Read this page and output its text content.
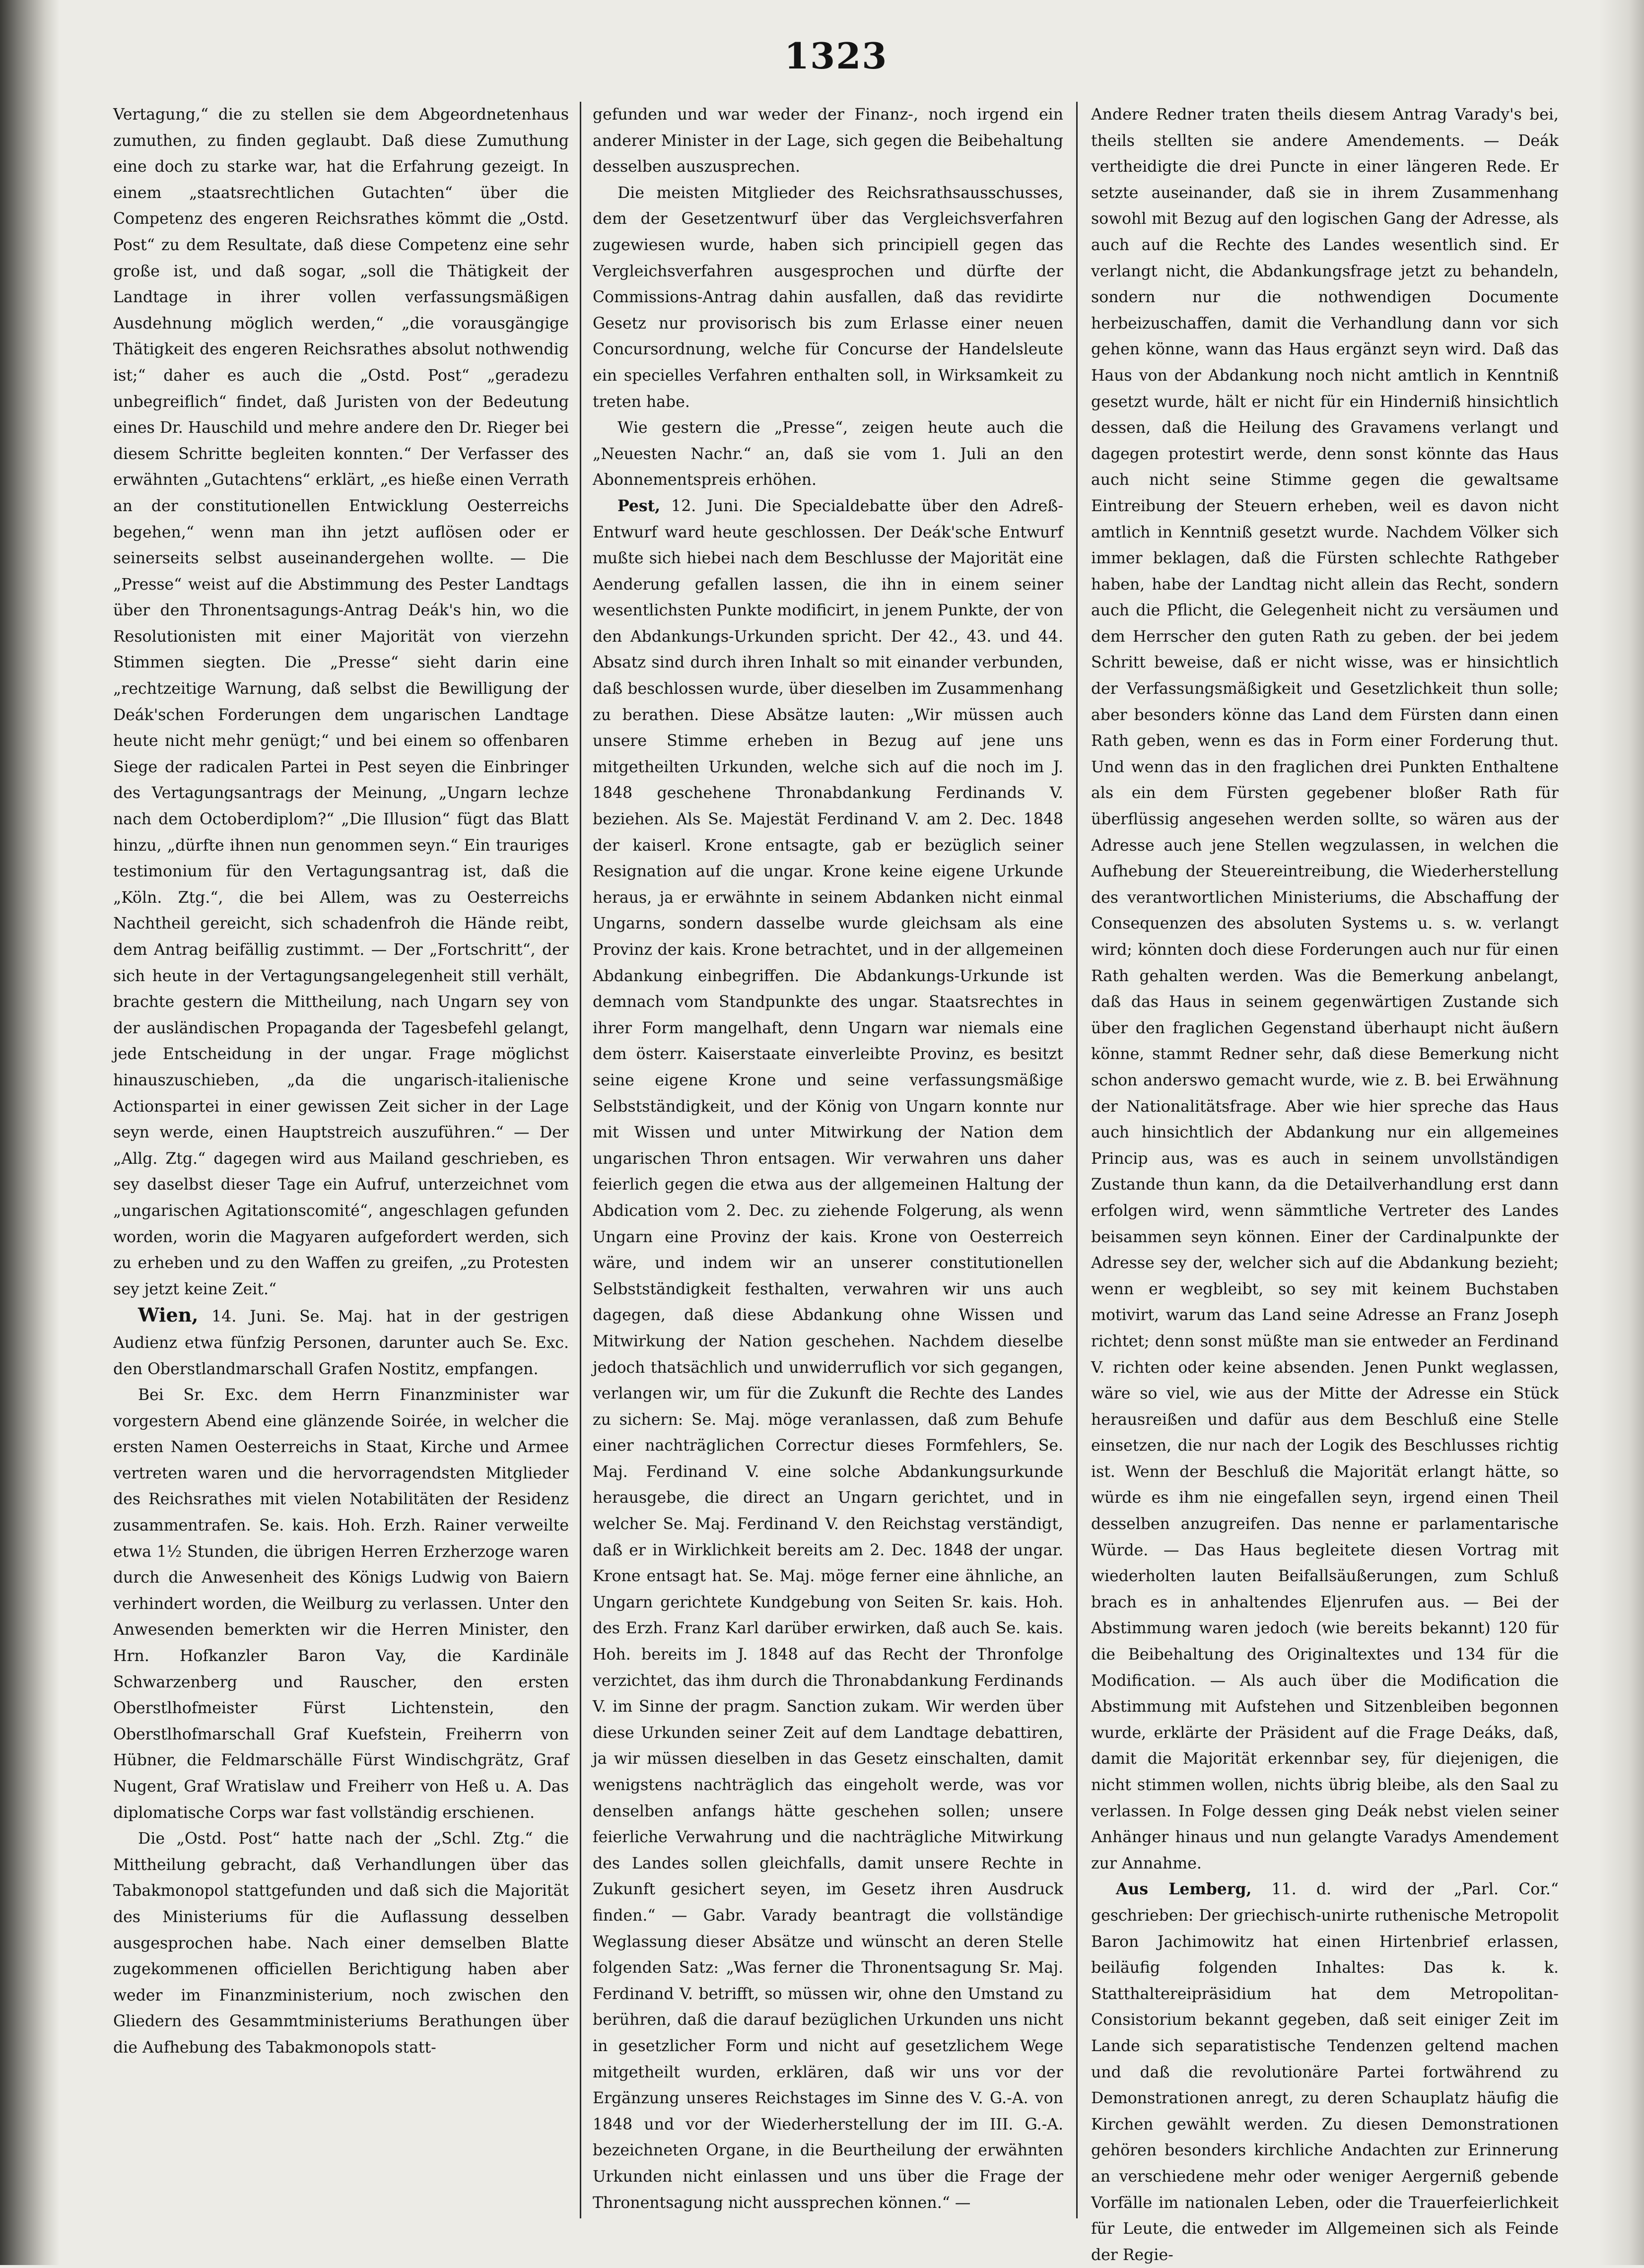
1323

Vertagung,“ die zu stellen sie dem Abgeordnetenhaus zumuthen, zu finden geglaubt. Daß diese Zumuthung eine doch zu starke war, hat die Erfahrung gezeigt. In einem „staatsrechtlichen Gutachten“ über die Competenz des engeren Reichsrathes kömmt die „Ostd. Post“ zu dem Resultate, daß diese Competenz eine sehr große ist, und daß sogar, „soll die Thätigkeit der Landtage in ihrer vollen verfassungsmäßigen Ausdehnung möglich werden,“ „die vorausgängige Thätigkeit des engeren Reichsrathes absolut nothwendig ist;“ daher es auch die „Ostd. Post“ „geradezu unbegreiflich“ findet, daß Juristen von der Bedeutung eines Dr. Hauschild und mehre andere den Dr. Rieger bei diesem Schritte begleiten konnten.“ Der Verfasser des erwähnten „Gutachtens“ erklärt, „es hieße einen Verrath an der constitutionellen Entwicklung Oesterreichs begehen,“ wenn man ihn jetzt auflösen oder er seinerseits selbst auseinandergehen wollte. — Die „Presse“ weist auf die Abstimmung des Pester Landtags über den Thronentsagungs-Antrag Deák's hin, wo die Resolutionisten mit einer Majorität von vierzehn Stimmen siegten. Die „Presse“ sieht darin eine „rechtzeitige Warnung, daß selbst die Bewilligung der Deák'schen Forderungen dem ungarischen Landtage heute nicht mehr genügt;“ und bei einem so offenbaren Siege der radicalen Partei in Pest seyen die Einbringer des Vertagungsantrags der Meinung, „Ungarn lechze nach dem Octoberdiplom?“ „Die Illusion“ fügt das Blatt hinzu, „dürfte ihnen nun genommen seyn.“ Ein trauriges testimonium für den Vertagungsantrag ist, daß die „Köln. Ztg.“, die bei Allem, was zu Oesterreichs Nachtheil gereicht, sich schadenfroh die Hände reibt, dem Antrag beifällig zustimmt. — Der „Fortschritt“, der sich heute in der Vertagungsangelegenheit still verhält, brachte gestern die Mittheilung, nach Ungarn sey von der ausländischen Propaganda der Tagesbefehl gelangt, jede Entscheidung in der ungar. Frage möglichst hinauszuschieben, „da die ungarisch-italienische Actionspartei in einer gewissen Zeit sicher in der Lage seyn werde, einen Hauptstreich auszuführen.“ — Der „Allg. Ztg.“ dagegen wird aus Mailand geschrieben, es sey daselbst dieser Tage ein Aufruf, unterzeichnet vom „ungarischen Agitationscomité“, angeschlagen gefunden worden, worin die Magyaren aufgefordert werden, sich zu erheben und zu den Waffen zu greifen, „zu Protesten sey jetzt keine Zeit.“

Wien, 14. Juni. Se. Maj. hat in der gestrigen Audienz etwa fünfzig Personen, darunter auch Se. Exc. den Oberstlandmarschall Grafen Nostitz, empfangen.

Bei Sr. Exc. dem Herrn Finanzminister war vorgestern Abend eine glänzende Soirée, in welcher die ersten Namen Oesterreichs in Staat, Kirche und Armee vertreten waren und die hervorragendsten Mitglieder des Reichsrathes mit vielen Notabilitäten der Residenz zusammentrafen. Se. kais. Hoh. Erzh. Rainer verweilte etwa 1½ Stunden, die übrigen Herren Erzherzoge waren durch die Anwesenheit des Königs Ludwig von Baiern verhindert worden, die Weilburg zu verlassen. Unter den Anwesenden bemerkten wir die Herren Minister, den Hrn. Hofkanzler Baron Vay, die Kardinäle Schwarzenberg und Rauscher, den ersten Oberstlhofmeister Fürst Lichtenstein, den Oberstlhofmarschall Graf Kuefstein, Freiherrn von Hübner, die Feldmarschälle Fürst Windischgrätz, Graf Nugent, Graf Wratislaw und Freiherr von Heß u. A. Das diplomatische Corps war fast vollständig erschienen.

Die „Ostd. Post“ hatte nach der „Schl. Ztg.“ die Mittheilung gebracht, daß Verhandlungen über das Tabakmonopol stattgefunden und daß sich die Majorität des Ministeriums für die Auflassung desselben ausgesprochen habe. Nach einer demselben Blatte zugekommenen officiellen Berichtigung haben aber weder im Finanzministerium, noch zwischen den Gliedern des Gesammtministeriums Berathungen über die Aufhebung des Tabakmonopols statt-

gefunden und war weder der Finanz-, noch irgend ein anderer Minister in der Lage, sich gegen die Beibehaltung desselben auszusprechen.

Die meisten Mitglieder des Reichsrathsausschusses, dem der Gesetzentwurf über das Vergleichsverfahren zugewiesen wurde, haben sich principiell gegen das Vergleichsverfahren ausgesprochen und dürfte der Commissions-Antrag dahin ausfallen, daß das revidirte Gesetz nur provisorisch bis zum Erlasse einer neuen Concursordnung, welche für Concurse der Handelsleute ein specielles Verfahren enthalten soll, in Wirksamkeit zu treten habe.

Wie gestern die „Presse“, zeigen heute auch die „Neuesten Nachr.“ an, daß sie vom 1. Juli an den Abonnementspreis erhöhen.

Pest, 12. Juni. Die Specialdebatte über den Adreß-Entwurf ward heute geschlossen. Der Deák'sche Entwurf mußte sich hiebei nach dem Beschlusse der Majorität eine Aenderung gefallen lassen, die ihn in einem seiner wesentlichsten Punkte modificirt, in jenem Punkte, der von den Abdankungs-Urkunden spricht. Der 42., 43. und 44. Absatz sind durch ihren Inhalt so mit einander verbunden, daß beschlossen wurde, über dieselben im Zusammenhang zu berathen. Diese Absätze lauten: „Wir müssen auch unsere Stimme erheben in Bezug auf jene uns mitgetheilten Urkunden, welche sich auf die noch im J. 1848 geschehene Thronabdankung Ferdinands V. beziehen. Als Se. Majestät Ferdinand V. am 2. Dec. 1848 der kaiserl. Krone entsagte, gab er bezüglich seiner Resignation auf die ungar. Krone keine eigene Urkunde heraus, ja er erwähnte in seinem Abdanken nicht einmal Ungarns, sondern dasselbe wurde gleichsam als eine Provinz der kais. Krone betrachtet, und in der allgemeinen Abdankung einbegriffen. Die Abdankungs-Urkunde ist demnach vom Standpunkte des ungar. Staatsrechtes in ihrer Form mangelhaft, denn Ungarn war niemals eine dem österr. Kaiserstaate einverleibte Provinz, es besitzt seine eigene Krone und seine verfassungsmäßige Selbstständigkeit, und der König von Ungarn konnte nur mit Wissen und unter Mitwirkung der Nation dem ungarischen Thron entsagen. Wir verwahren uns daher feierlich gegen die etwa aus der allgemeinen Haltung der Abdication vom 2. Dec. zu ziehende Folgerung, als wenn Ungarn eine Provinz der kais. Krone von Oesterreich wäre, und indem wir an unserer constitutionellen Selbstständigkeit festhalten, verwahren wir uns auch dagegen, daß diese Abdankung ohne Wissen und Mitwirkung der Nation geschehen. Nachdem dieselbe jedoch thatsächlich und unwiderruflich vor sich gegangen, verlangen wir, um für die Zukunft die Rechte des Landes zu sichern: Se. Maj. möge veranlassen, daß zum Behufe einer nachträglichen Correctur dieses Formfehlers, Se. Maj. Ferdinand V. eine solche Abdankungsurkunde herausgebe, die direct an Ungarn gerichtet, und in welcher Se. Maj. Ferdinand V. den Reichstag verständigt, daß er in Wirklichkeit bereits am 2. Dec. 1848 der ungar. Krone entsagt hat. Se. Maj. möge ferner eine ähnliche, an Ungarn gerichtete Kundgebung von Seiten Sr. kais. Hoh. des Erzh. Franz Karl darüber erwirken, daß auch Se. kais. Hoh. bereits im J. 1848 auf das Recht der Thronfolge verzichtet, das ihm durch die Thronabdankung Ferdinands V. im Sinne der pragm. Sanction zukam. Wir werden über diese Urkunden seiner Zeit auf dem Landtage debattiren, ja wir müssen dieselben in das Gesetz einschalten, damit wenigstens nachträglich das eingeholt werde, was vor denselben anfangs hätte geschehen sollen; unsere feierliche Verwahrung und die nachträgliche Mitwirkung des Landes sollen gleichfalls, damit unsere Rechte in Zukunft gesichert seyen, im Gesetz ihren Ausdruck finden.“ — Gabr. Varady beantragt die vollständige Weglassung dieser Absätze und wünscht an deren Stelle folgenden Satz: „Was ferner die Thronentsagung Sr. Maj. Ferdinand V. betrifft, so müssen wir, ohne den Umstand zu berühren, daß die darauf bezüglichen Urkunden uns nicht in gesetzlicher Form und nicht auf gesetzlichem Wege mitgetheilt wurden, erklären, daß wir uns vor der Ergänzung unseres Reichstages im Sinne des V. G.-A. von 1848 und vor der Wiederherstellung der im III. G.-A. bezeichneten Organe, in die Beurtheilung der erwähnten Urkunden nicht einlassen und uns über die Frage der Thronentsagung nicht aussprechen können.“ —

Andere Redner traten theils diesem Antrag Varady's bei, theils stellten sie andere Amendements. — Deák vertheidigte die drei Puncte in einer längeren Rede. Er setzte auseinander, daß sie in ihrem Zusammenhang sowohl mit Bezug auf den logischen Gang der Adresse, als auch auf die Rechte des Landes wesentlich sind. Er verlangt nicht, die Abdankungsfrage jetzt zu behandeln, sondern nur die nothwendigen Documente herbeizuschaffen, damit die Verhandlung dann vor sich gehen könne, wann das Haus ergänzt seyn wird. Daß das Haus von der Abdankung noch nicht amtlich in Kenntniß gesetzt wurde, hält er nicht für ein Hinderniß hinsichtlich dessen, daß die Heilung des Gravamens verlangt und dagegen protestirt werde, denn sonst könnte das Haus auch nicht seine Stimme gegen die gewaltsame Eintreibung der Steuern erheben, weil es davon nicht amtlich in Kenntniß gesetzt wurde. Nachdem Völker sich immer beklagen, daß die Fürsten schlechte Rathgeber haben, habe der Landtag nicht allein das Recht, sondern auch die Pflicht, die Gelegenheit nicht zu versäumen und dem Herrscher den guten Rath zu geben. der bei jedem Schritt beweise, daß er nicht wisse, was er hinsichtlich der Verfassungsmäßigkeit und Gesetzlichkeit thun solle; aber besonders könne das Land dem Fürsten dann einen Rath geben, wenn es das in Form einer Forderung thut. Und wenn das in den fraglichen drei Punkten Enthaltene als ein dem Fürsten gegebener bloßer Rath für überflüssig angesehen werden sollte, so wären aus der Adresse auch jene Stellen wegzulassen, in welchen die Aufhebung der Steuereintreibung, die Wiederherstellung des verantwortlichen Ministeriums, die Abschaffung der Consequenzen des absoluten Systems u. s. w. verlangt wird; könnten doch diese Forderungen auch nur für einen Rath gehalten werden. Was die Bemerkung anbelangt, daß das Haus in seinem gegenwärtigen Zustande sich über den fraglichen Gegenstand überhaupt nicht äußern könne, stammt Redner sehr, daß diese Bemerkung nicht schon anderswo gemacht wurde, wie z. B. bei Erwähnung der Nationalitätsfrage. Aber wie hier spreche das Haus auch hinsichtlich der Abdankung nur ein allgemeines Princip aus, was es auch in seinem unvollständigen Zustande thun kann, da die Detailverhandlung erst dann erfolgen wird, wenn sämmtliche Vertreter des Landes beisammen seyn können. Einer der Cardinalpunkte der Adresse sey der, welcher sich auf die Abdankung bezieht; wenn er wegbleibt, so sey mit keinem Buchstaben motivirt, warum das Land seine Adresse an Franz Joseph richtet; denn sonst müßte man sie entweder an Ferdinand V. richten oder keine absenden. Jenen Punkt weglassen, wäre so viel, wie aus der Mitte der Adresse ein Stück herausreißen und dafür aus dem Beschluß eine Stelle einsetzen, die nur nach der Logik des Beschlusses richtig ist. Wenn der Beschluß die Majorität erlangt hätte, so würde es ihm nie eingefallen seyn, irgend einen Theil desselben anzugreifen. Das nenne er parlamentarische Würde. — Das Haus begleitete diesen Vortrag mit wiederholten lauten Beifallsäußerungen, zum Schluß brach es in anhaltendes Eljenrufen aus. — Bei der Abstimmung waren jedoch (wie bereits bekannt) 120 für die Beibehaltung des Originaltextes und 134 für die Modification. — Als auch über die Modification die Abstimmung mit Aufstehen und Sitzenbleiben begonnen wurde, erklärte der Präsident auf die Frage Deáks, daß, damit die Majorität erkennbar sey, für diejenigen, die nicht stimmen wollen, nichts übrig bleibe, als den Saal zu verlassen. In Folge dessen ging Deák nebst vielen seiner Anhänger hinaus und nun gelangte Varadys Amendement zur Annahme.

Aus Lemberg, 11. d. wird der „Parl. Cor.“ geschrieben: Der griechisch-unirte ruthenische Metropolit Baron Jachimowitz hat einen Hirtenbrief erlassen, beiläufig folgenden Inhaltes: Das k. k. Statthaltereipräsidium hat dem Metropolitan-Consistorium bekannt gegeben, daß seit einiger Zeit im Lande sich separatistische Tendenzen geltend machen und daß die revolutionäre Partei fortwährend zu Demonstrationen anregt, zu deren Schauplatz häufig die Kirchen gewählt werden. Zu diesen Demonstrationen gehören besonders kirchliche Andachten zur Erinnerung an verschiedene mehr oder weniger Aergerniß gebende Vorfälle im nationalen Leben, oder die Trauerfeierlichkeit für Leute, die entweder im Allgemeinen sich als Feinde der Regie-
